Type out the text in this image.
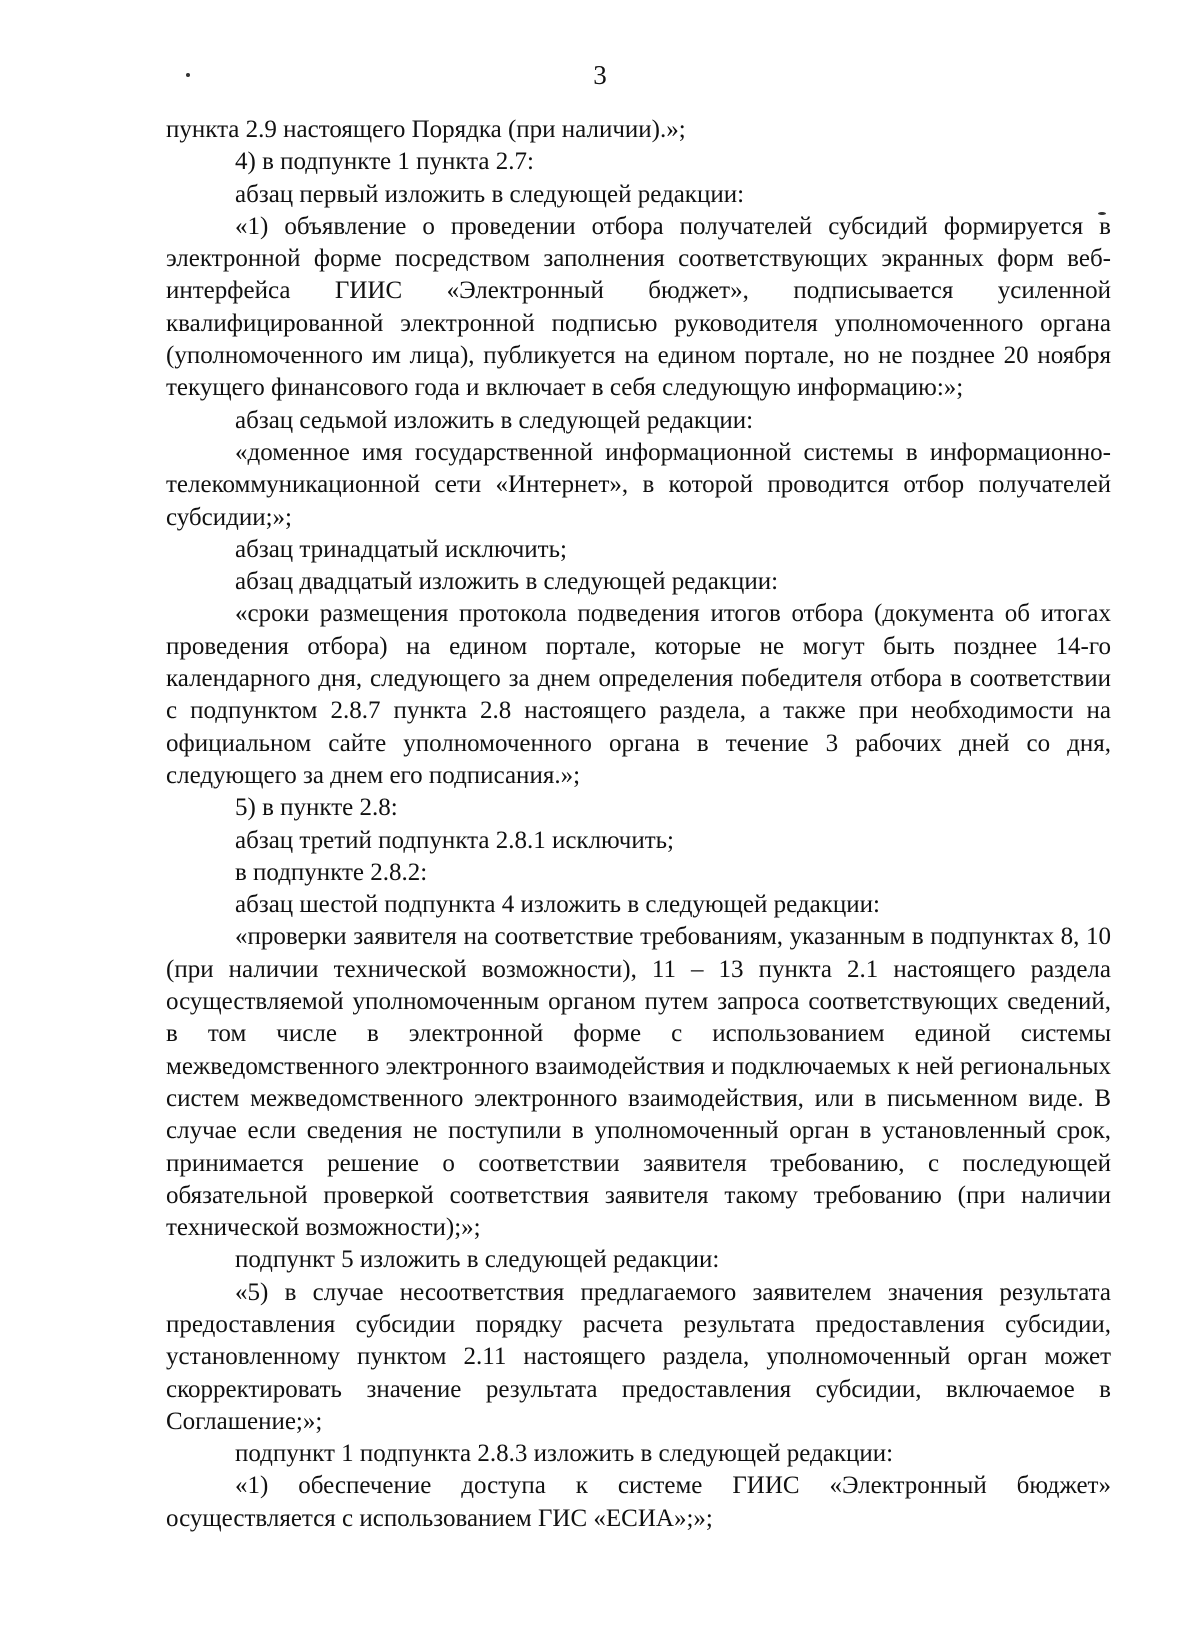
3

пункта 2.9 настоящего Порядка (при наличии).»;

4) в подпункте 1 пункта 2.7:

абзац первый изложить в следующей редакции:

«1) объявление о проведении отбора получателей субсидий формируется в электронной форме посредством заполнения соответствующих экранных форм веб-интерфейса ГИИС «Электронный бюджет», подписывается усиленной квалифицированной электронной подписью руководителя уполномоченного органа (уполномоченного им лица), публикуется на едином портале, но не позднее 20 ноября текущего финансового года и включает в себя следующую информацию:»;

абзац седьмой изложить в следующей редакции:

«доменное имя государственной информационной системы в информационно-телекоммуникационной сети «Интернет», в которой проводится отбор получателей субсидии;»;

абзац тринадцатый исключить;

абзац двадцатый изложить в следующей редакции:

«сроки размещения протокола подведения итогов отбора (документа об итогах проведения отбора) на едином портале, которые не могут быть позднее 14-го календарного дня, следующего за днем определения победителя отбора в соответствии с подпунктом 2.8.7 пункта 2.8 настоящего раздела, а также при необходимости на официальном сайте уполномоченного органа в течение 3 рабочих дней со дня, следующего за днем его подписания.»;

5) в пункте 2.8:

абзац третий подпункта 2.8.1 исключить;

в подпункте 2.8.2:

абзац шестой подпункта 4 изложить в следующей редакции:

«проверки заявителя на соответствие требованиям, указанным в подпунктах 8, 10 (при наличии технической возможности), 11 – 13 пункта 2.1 настоящего раздела осуществляемой уполномоченным органом путем запроса соответствующих сведений, в том числе в электронной форме с использованием единой системы межведомственного электронного взаимодействия и подключаемых к ней региональных систем межведомственного электронного взаимодействия, или в письменном виде. В случае если сведения не поступили в уполномоченный орган в установленный срок, принимается решение о соответствии заявителя требованию, с последующей обязательной проверкой соответствия заявителя такому требованию (при наличии технической возможности);»;

подпункт 5 изложить в следующей редакции:

«5) в случае несоответствия предлагаемого заявителем значения результата предоставления субсидии порядку расчета результата предоставления субсидии, установленному пунктом 2.11 настоящего раздела, уполномоченный орган может скорректировать значение результата предоставления субсидии, включаемое в Соглашение;»;

подпункт 1 подпункта 2.8.3 изложить в следующей редакции:

«1) обеспечение доступа к системе ГИИС «Электронный бюджет» осуществляется с использованием ГИС «ЕСИА»;»;
